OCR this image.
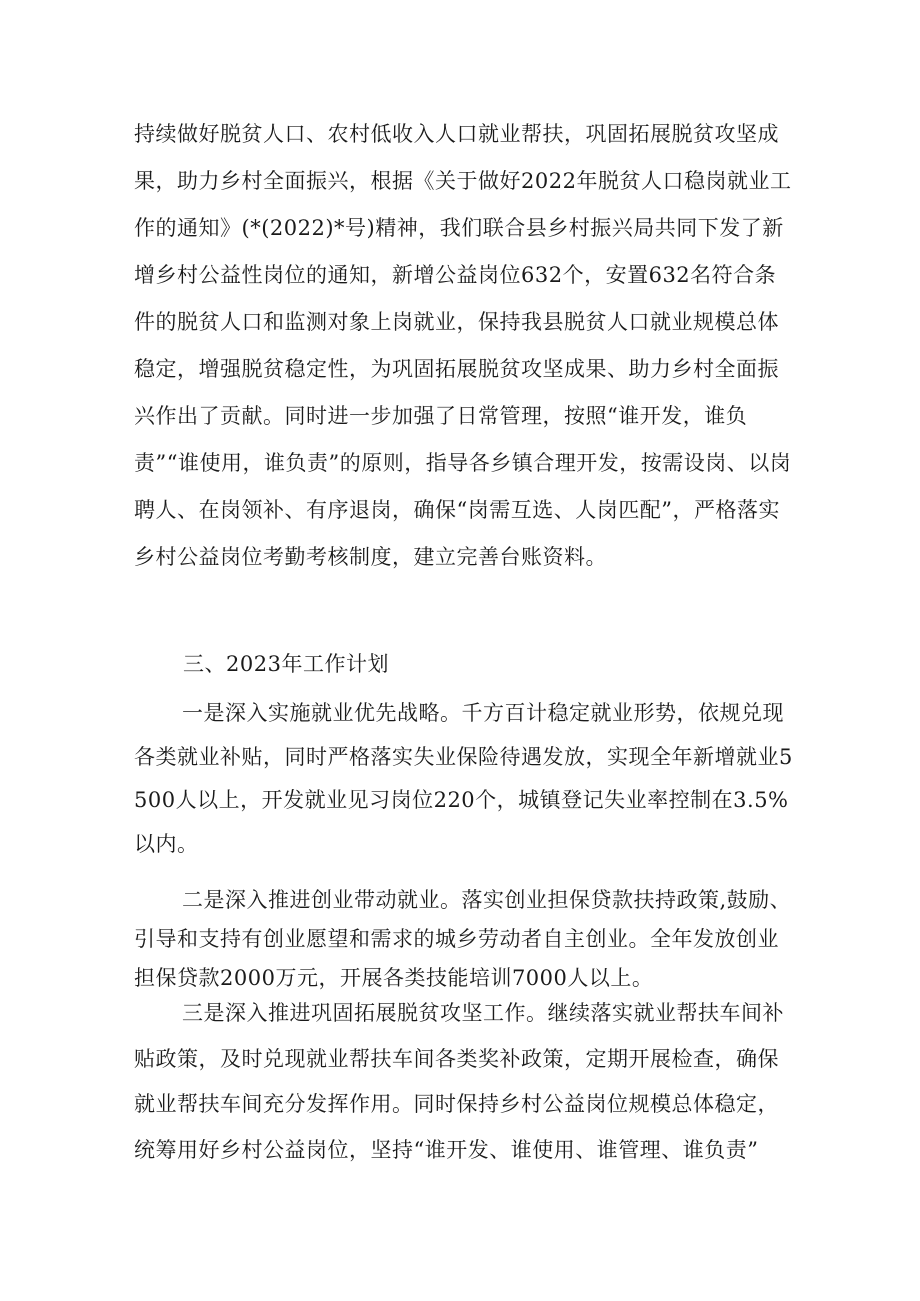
持续做好脱贫人口、农村低收入人口就业帮扶，巩固拓展脱贫攻坚成果，助力乡村全面振兴，根据《关于做好2022年脱贫人口稳岗就业工作的通知》(*(2022)*号)精神，我们联合县乡村振兴局共同下发了新增乡村公益性岗位的通知，新增公益岗位632个，安置632名符合条件的脱贫人口和监测对象上岗就业，保持我县脱贫人口就业规模总体稳定，增强脱贫稳定性，为巩固拓展脱贫攻坚成果、助力乡村全面振兴作出了贡献。同时进一步加强了日常管理，按照“谁开发，谁负责”“谁使用，谁负责”的原则，指导各乡镇合理开发，按需设岗、以岗聘人、在岗领补、有序退岗，确保“岗需互选、人岗匹配”，严格落实乡村公益岗位考勤考核制度，建立完善台账资料。

三、2023年工作计划

一是深入实施就业优先战略。千方百计稳定就业形势，依规兑现各类就业补贴，同时严格落实失业保险待遇发放，实现全年新增就业5500人以上，开发就业见习岗位220个，城镇登记失业率控制在3.5%以内。

二是深入推进创业带动就业。落实创业担保贷款扶持政策,鼓励、引导和支持有创业愿望和需求的城乡劳动者自主创业。全年发放创业担保贷款2000万元，开展各类技能培训7000人以上。

三是深入推进巩固拓展脱贫攻坚工作。继续落实就业帮扶车间补贴政策，及时兑现就业帮扶车间各类奖补政策，定期开展检查，确保就业帮扶车间充分发挥作用。同时保持乡村公益岗位规模总体稳定，统筹用好乡村公益岗位，坚持“谁开发、谁使用、谁管理、谁负责”
